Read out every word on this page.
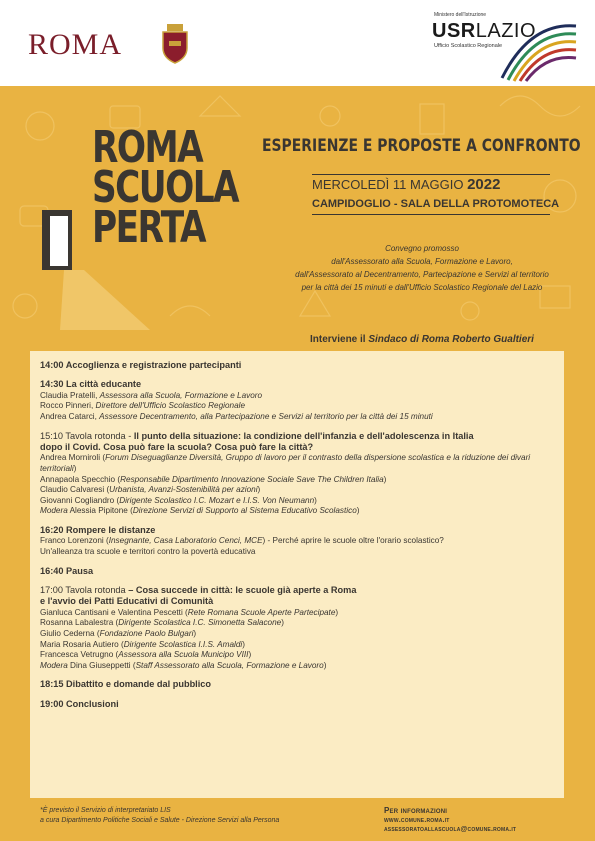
ROMA
Ministero dell'Istruzione
USRLAZIO
Ufficio Scolastico Regionale
ROMA
SCUOLA
PERTA
ESPERIENZE E PROPOSTE A CONFRONTO
MERCOLEDÌ 11 MAGGIO 2022
CAMPIDOGLIO - SALA DELLA PROTOMOTECA
Convegno promosso
dall'Assessorato alla Scuola, Formazione e Lavoro,
dall'Assessorato al Decentramento, Partecipazione e Servizi al territorio
per la città dei 15 minuti e dall'Ufficio Scolastico Regionale del Lazio
Interviene il Sindaco di Roma Roberto Gualtieri
14:00 Accoglienza e registrazione partecipanti
14:30 La città educante
Claudia Pratelli, Assessora alla Scuola, Formazione e Lavoro
Rocco Pinneri, Direttore dell'Ufficio Scolastico Regionale
Andrea Catarci, Assessore Decentramento, alla Partecipazione e Servizi al territorio per la città dei 15 minuti
15:10 Tavola rotonda - Il punto della situazione: la condizione dell'infanzia e dell'adolescenza in Italia
dopo il Covid. Cosa può fare la scuola? Cosa può fare la città?
Andrea Morniroli (Forum Diseguaglianze Diversità, Gruppo di lavoro per il contrasto della dispersione scolastica e la riduzione dei divari territoriali)
Annapaola Specchio (Responsabile Dipartimento Innovazione Sociale Save The Children Italia)
Claudio Calvaresi (Urbanista, Avanzi-Sostenibilità per azioni)
Giovanni Cogliandro (Dirigente Scolastico I.C. Mozart e I.I.S. Von Neumann)
Modera Alessia Pipitone (Direzione Servizi di Supporto al Sistema Educativo Scolastico)
16:20 Rompere le distanze
Franco Lorenzoni (Insegnante, Casa Laboratorio Cenci, MCE) - Perché aprire le scuole oltre l'orario scolastico?
Un'alleanza tra scuole e territori contro la povertà educativa
16:40 Pausa
17:00 Tavola rotonda – Cosa succede in città: le scuole già aperte a Roma
e l'avvio dei Patti Educativi di Comunità
Gianluca Cantisani e Valentina Pescetti (Rete Romana Scuole Aperte Partecipate)
Rosanna Labalestra (Dirigente Scolastica I.C. Simonetta Salacone)
Giulio Cederna (Fondazione Paolo Bulgari)
Maria Rosaria Autiero (Dirigente Scolastica I.I.S. Amaldi)
Francesca Vetrugno (Assessora alla Scuola Municipo VIII)
Modera Dina Giuseppetti (Staff Assessorato alla Scuola, Formazione e Lavoro)
18:15 Dibattito e domande dal pubblico
19:00 Conclusioni
*È previsto il Servizio di interpretariato LIS
a cura Dipartimento Politiche Sociali e Salute - Direzione Servizi alla Persona
Per informazioni
www.comune.roma.it
assessoratoallascuola@comune.roma.it
